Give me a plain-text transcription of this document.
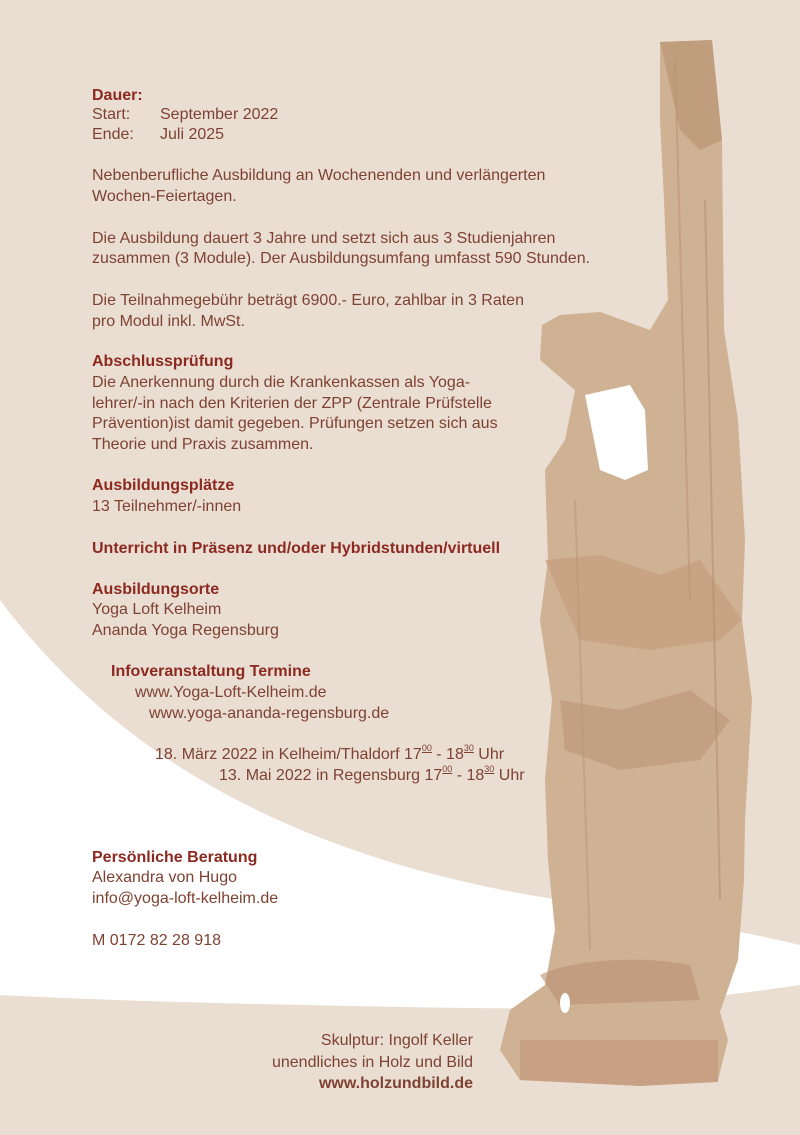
Dauer:
Start:	September 2022
Ende:	Juli 2025
Nebenberufliche Ausbildung an Wochenenden und verlängerten
Wochen-Feiertagen.
Die Ausbildung dauert 3 Jahre und setzt sich aus 3 Studienjahren
zusammen (3 Module). Der Ausbildungsumfang umfasst 590 Stunden.
Die Teilnahmegebühr beträgt 6900.- Euro, zahlbar in 3 Raten
pro Modul inkl. MwSt.
Abschlussprüfung
Die Anerkennung durch die Krankenkassen als Yoga-
lehrer/-in nach den Kriterien der ZPP (Zentrale Prüfstelle
Prävention)ist damit gegeben. Prüfungen setzen sich aus
Theorie und Praxis zusammen.
Ausbildungsplätze
13 Teilnehmer/-innen
Unterricht in Präsenz und/oder Hybridstunden/virtuell
Ausbildungsorte
Yoga Loft Kelheim
Ananda Yoga Regensburg
Infoveranstaltung Termine
www.Yoga-Loft-Kelheim.de
www.yoga-ananda-regensburg.de
18. März 2022 in Kelheim/Thaldorf $17^{00} - 18^{30}$ Uhr
13. Mai 2022 in Regensburg $17^{00} - 18^{30}$ Uhr
Persönliche Beratung
Alexandra von Hugo
info@yoga-loft-kelheim.de
M 0172 82 28 918
Skulptur: Ingolf Keller
unendliches in Holz und Bild
www.holzundbild.de
